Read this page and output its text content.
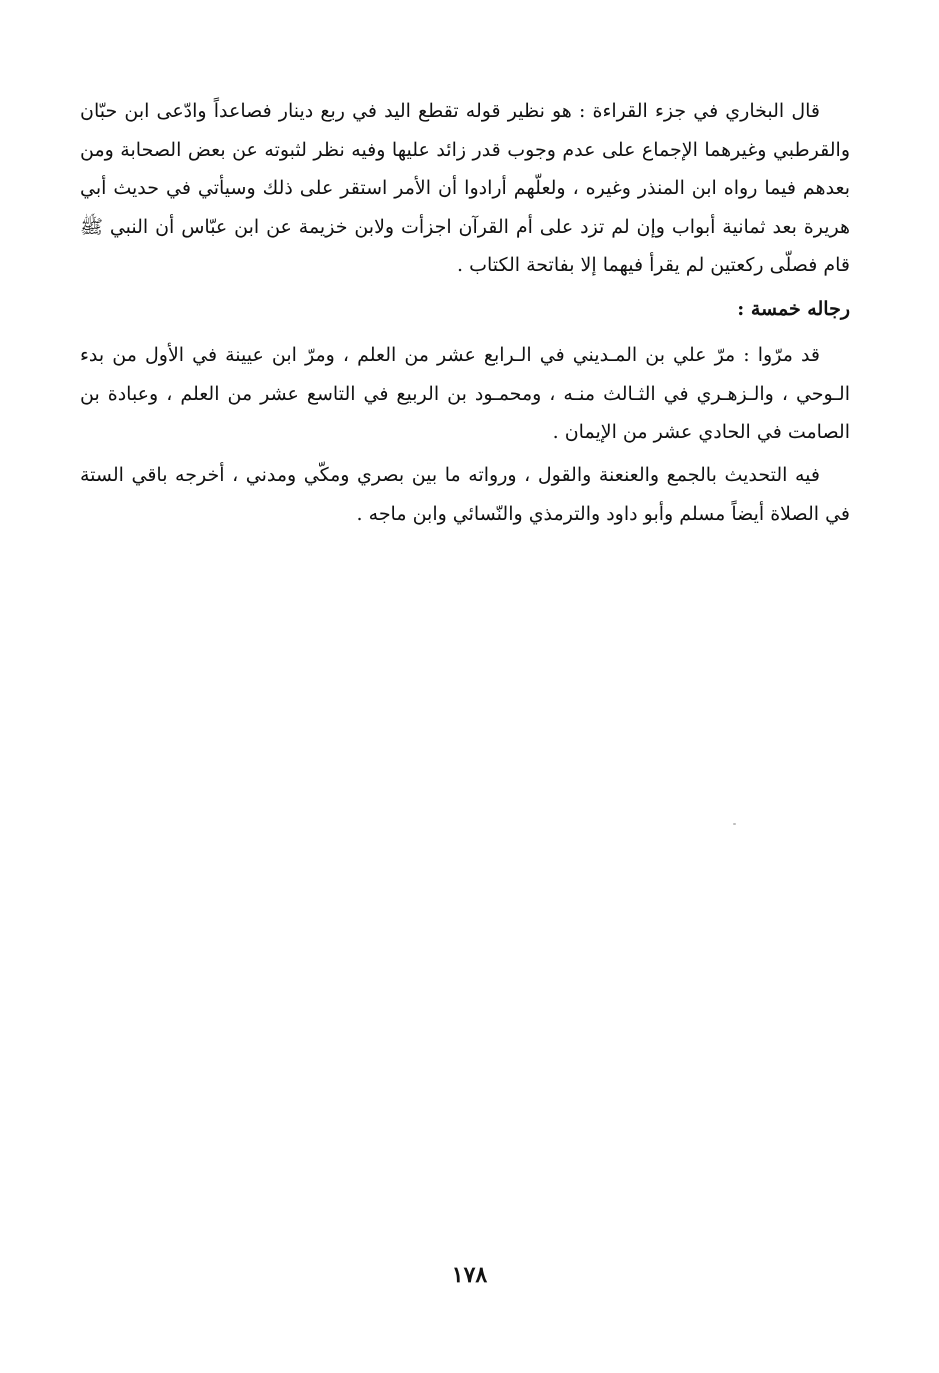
قال البخاري في جزء القراءة : هو نظير قوله تقطع اليد في ربع دينار فصاعداً وادّعى ابن حبّان والقرطبي وغيرهما الإجماع على عدم وجوب قدر زائد عليها وفيه نظر لثبوته عن بعض الصحابة ومن بعدهم فيما رواه ابن المنذر وغيره ، ولعلّهم أرادوا أن الأمر استقر على ذلك وسيأتي في حديث أبي هريرة بعد ثمانية أبواب وإن لم تزد على أم القرآن اجزأت ولابن خزيمة عن ابن عبّاس أن النبي ﷺ قام فصلّى ركعتين لم يقرأ فيهما إلا بفاتحة الكتاب .

رجاله خمسة :

قد مرّوا : مرّ علي بن المـديني في الـرابع عشر من العلم ، ومرّ ابن عيينة في الأول من بدء الـوحي ، والـزهـري في الثـالث منـه ، ومحمـود بن الربيع في التاسع عشر من العلم ، وعبادة بن الصامت في الحادي عشر من الإيمان .

فيه التحديث بالجمع والعنعنة والقول ، ورواته ما بين بصري ومكّي ومدني ، أخرجه باقي الستة في الصلاة أيضاً مسلم وأبو داود والترمذي والنّسائي وابن ماجه .

١٧٨
